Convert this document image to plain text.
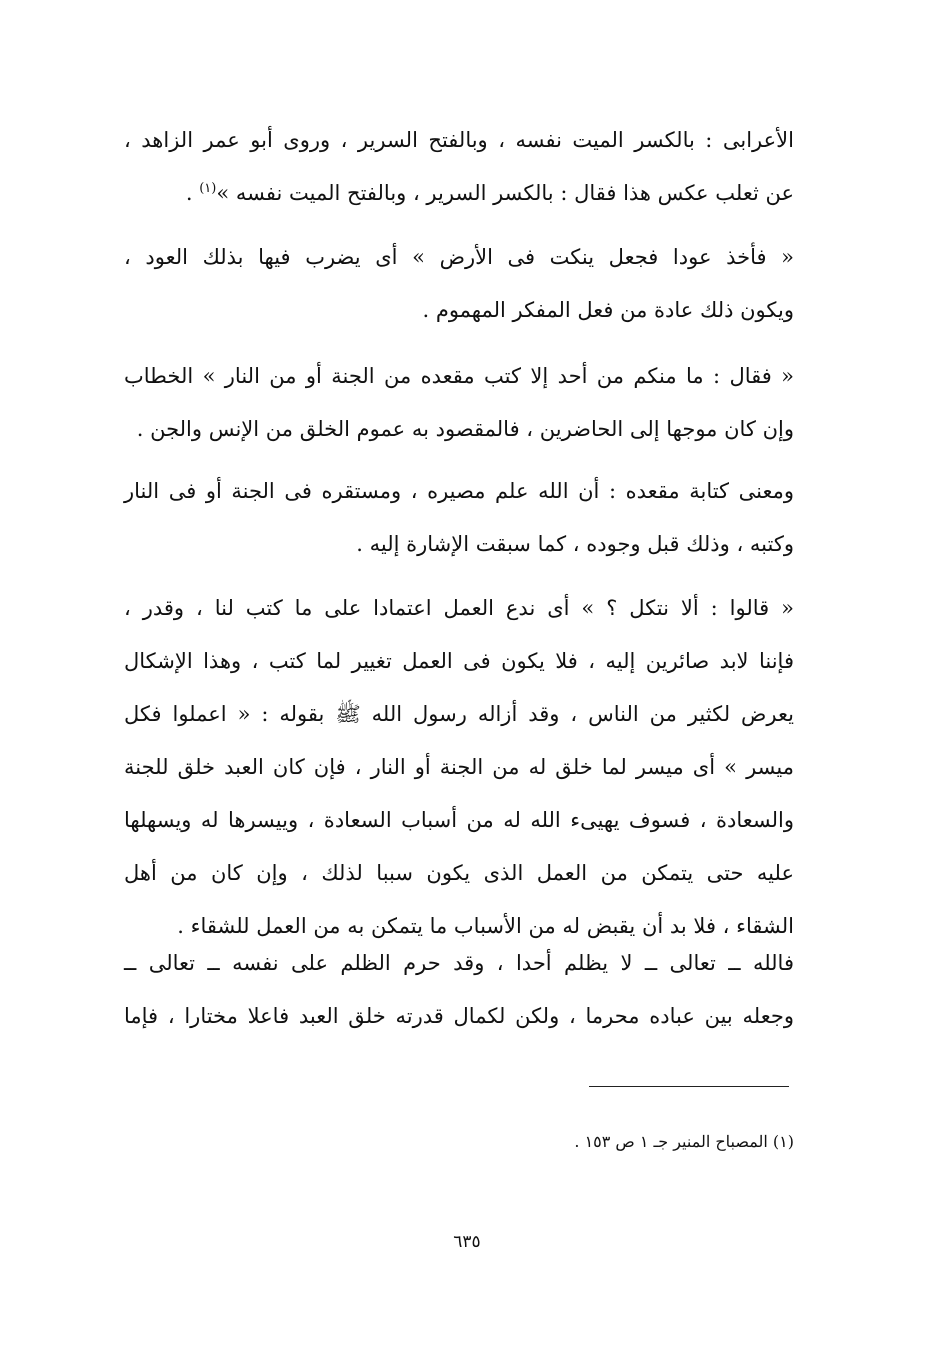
الأعرابى : بالكسر الميت نفسه ، وبالفتح السرير ، وروى أبو عمر الزاهد ،
عن ثعلب عكس هذا فقال : بالكسر السرير ، وبالفتح الميت نفسه »$^{(١)}$ .
« فأخذ عودا فجعل ينكت فى الأرض » أى يضرب فيها بذلك العود ،
ويكون ذلك عادة من فعل المفكر المهموم .
« فقال : ما منكم من أحد إلا كتب مقعده من الجنة أو من النار » الخطاب
وإن كان موجها إلى الحاضرين ، فالمقصود به عموم الخلق من الإنس والجن .
ومعنى كتابة مقعده : أن الله علم مصيره ، ومستقره فى الجنة أو فى النار
وكتبه ، وذلك قبل وجوده ، كما سبقت الإشارة إليه .
« قالوا : ألا نتكل ؟ » أى ندع العمل اعتمادا على ما كتب لنا ، وقدر ،
فإننا لابد صائرين إليه ، فلا يكون فى العمل تغيير لما كتب ، وهذا الإشكال
يعرض لكثير من الناس ، وقد أزاله رسول الله ﷺ بقوله : « اعملوا فكل
ميسر » أى ميسر لما خلق له من الجنة أو النار ، فإن كان العبد خلق للجنة
والسعادة ، فسوف يهيىء الله له من أسباب السعادة ، وييسرها له ويسهلها
عليه حتى يتمكن من العمل الذى يكون سببا لذلك ، وإن كان من أهل
الشقاء ، فلا بد أن يقبض له من الأسباب ما يتمكن به من العمل للشقاء .
فالله ــ تعالى ــ لا يظلم أحدا ، وقد حرم الظلم على نفسه ــ تعالى ــ
وجعله بين عباده محرما ، ولكن لكمال قدرته خلق العبد فاعلا مختارا ، فإما
(١) المصباح المنير جـ ١ ص ١٥٣ .
٦٣٥
